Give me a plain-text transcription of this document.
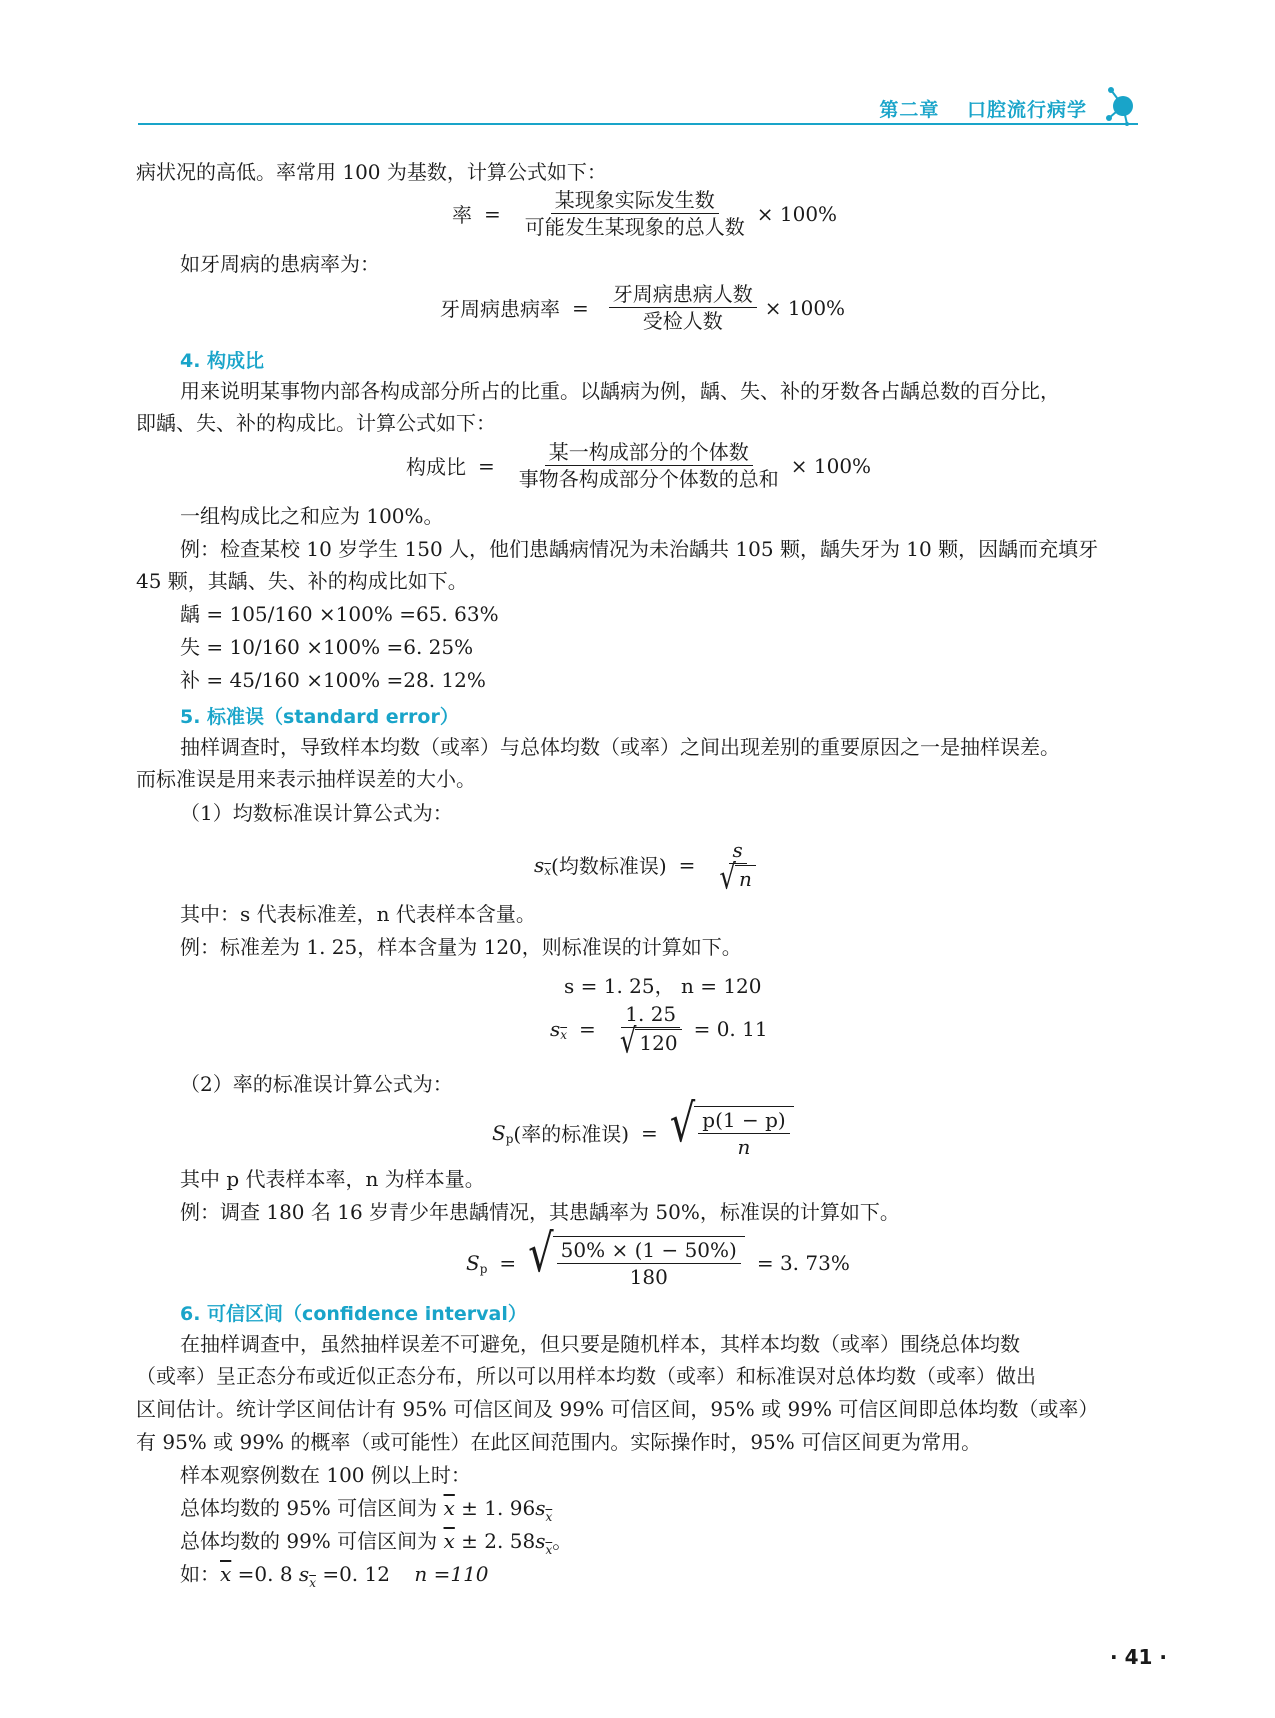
第二章 口腔流行病学
病状况的高低。率常用 100 为基数，计算公式如下：
率 = $\frac{\text{某现象实际发生数}}{\text{可能发生某现象的总人数}} \times 100\%$
如牙周病的患病率为：
牙周病患病率 = $\frac{\text{牙周病患病人数}}{\text{受检人数}} \times 100\%$
4. 构成比
用来说明某事物内部各构成部分所占的比重。以龋病为例，龋、失、补的牙数各占龋总数的百分比，
即龋、失、补的构成比。计算公式如下：
构成比 = $\frac{\text{某一构成部分的个体数}}{\text{事物各构成部分个体数的总和}} \times 100\%$
一组构成比之和应为 100%。
例：检查某校 10 岁学生 150 人，他们患龋病情况为未治龋共 105 颗，龋失牙为 10 颗，因龋而充填牙
45 颗，其龋、失、补的构成比如下。
龋 = 105/160 ×100% =65. 63%
失 = 10/160 ×100% =6. 25%
补 = 45/160 ×100% =28. 12%
5. 标准误（standard error）
抽样调查时，导致样本均数（或率）与总体均数（或率）之间出现差别的重要原因之一是抽样误差。
而标准误是用来表示抽样误差的大小。
（1）均数标准误计算公式为：
s $\overline{x}$ (均数标准误) = $\frac{s}{√ n}$
其中：s 代表标准差，n 代表样本含量。
例：标准差为 1. 25，样本含量为 120，则标准误的计算如下。
s = 1. 25， n = 120
s $\overline{x} = \frac{1. 25}{√ 120} = 0$. 11
（2）率的标准误计算公式为：
S p (率的标准误) = √ $\frac{p(1 - p)}{n}$
其中 p 代表样本率，n 为样本量。
例：调查 180 名 16 岁青少年患龋情况，其患龋率为 50%，标准误的计算如下。
S p = √ $\frac{50\% \times (1 - 50\%)}{180} = 3$. 73%
6. 可信区间（confidence interval）
在抽样调查中，虽然抽样误差不可避免，但只要是随机样本，其样本均数（或率）围绕总体均数
（或率）呈正态分布或近似正态分布，所以可以用样本均数（或率）和标准误对总体均数（或率）做出
区间估计。统计学区间估计有 95% 可信区间及 99% 可信区间，95% 或 99% 可信区间即总体均数（或率）
有 95% 或 99% 的概率（或可能性）在此区间范围内。实际操作时，95% 可信区间更为常用。
样本观察例数在 100 例以上时：
总体均数的 95% 可信区间为 $\overline{x} \pm 1$. $96s_{\overline{x}}$
总体均数的 99% 可信区间为 $\overline{x} \pm 2$. $58s_{\overline{x}}$。
如：$\overline{x} =0$. 8 $s_{\overline{x}} =0$. 12 n =110
· 41 ·
